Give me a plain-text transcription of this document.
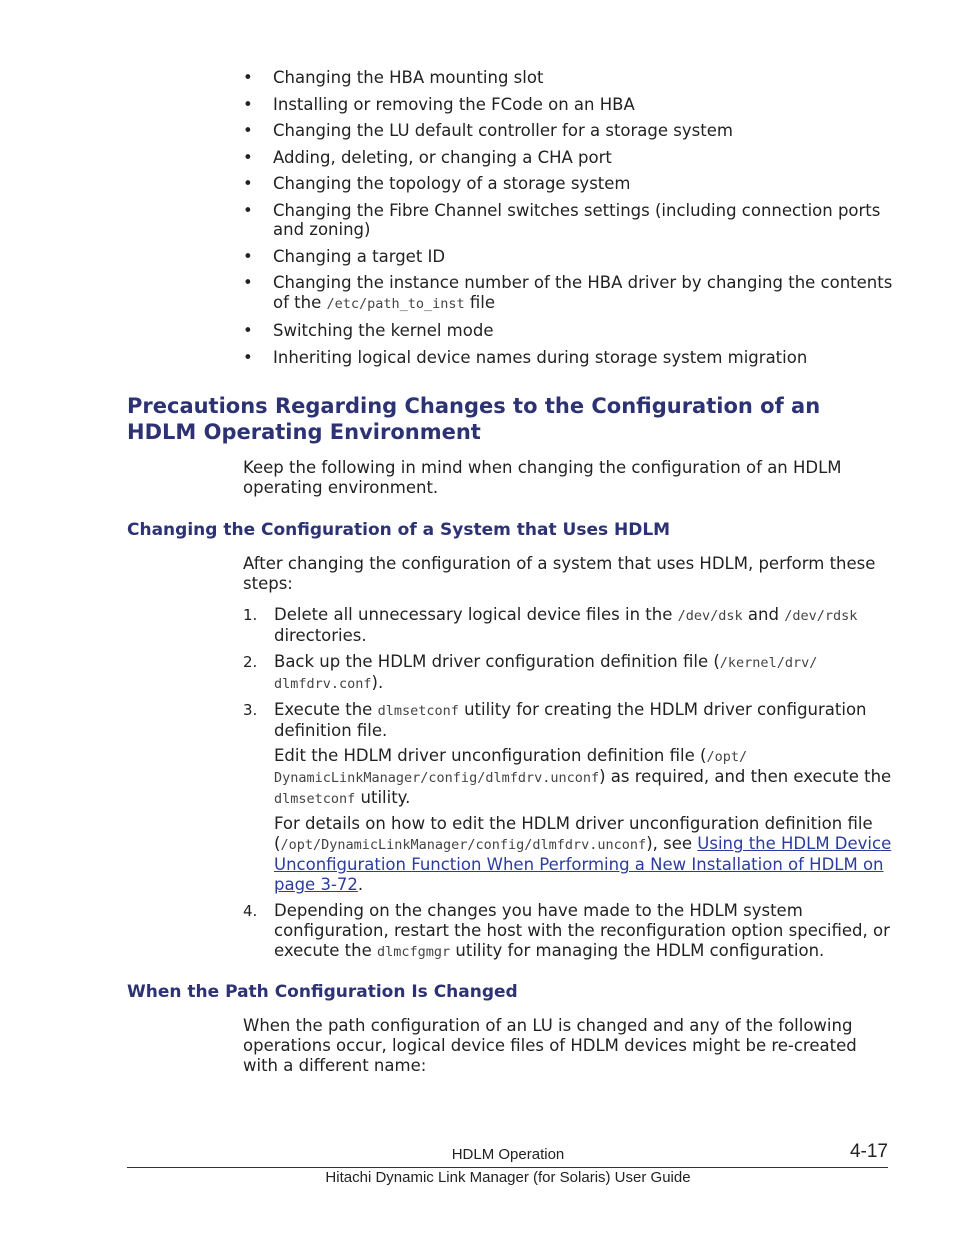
• Changing the HBA mounting slot
• Installing or removing the FCode on an HBA
• Changing the LU default controller for a storage system
• Adding, deleting, or changing a CHA port
• Changing the topology of a storage system
• Changing the Fibre Channel switches settings (including connection ports and zoning)
• Changing a target ID
• Changing the instance number of the HBA driver by changing the contents of the /etc/path_to_inst file
• Switching the kernel mode
• Inheriting logical device names during storage system migration
Precautions Regarding Changes to the Configuration of an HDLM Operating Environment

Keep the following in mind when changing the configuration of an HDLM operating environment.

Changing the Configuration of a System that Uses HDLM

After changing the configuration of a system that uses HDLM, perform these steps:

1. Delete all unnecessary logical device files in the /dev/dsk and /dev/rdsk directories.
2. Back up the HDLM driver configuration definition file (/kernel/drv/ dlmfdrv.conf).
3. Execute the dlmsetconf utility for creating the HDLM driver configuration definition file.
Edit the HDLM driver unconfiguration definition file (/opt/ DynamicLinkManager/config/dlmfdrv.unconf) as required, and then execute the dlmsetconf utility.
For details on how to edit the HDLM driver unconfiguration definition file (/opt/DynamicLinkManager/config/dlmfdrv.unconf), see Using the HDLM Device Unconfiguration Function When Performing a New Installation of HDLM on page 3-72.
4. Depending on the changes you have made to the HDLM system configuration, restart the host with the reconfiguration option specified, or execute the dlmcfgmgr utility for managing the HDLM configuration.
When the Path Configuration Is Changed

When the path configuration of an LU is changed and any of the following operations occur, logical device files of HDLM devices might be re-created with a different name:

HDLM Operation	4-17
Hitachi Dynamic Link Manager (for Solaris) User Guide
